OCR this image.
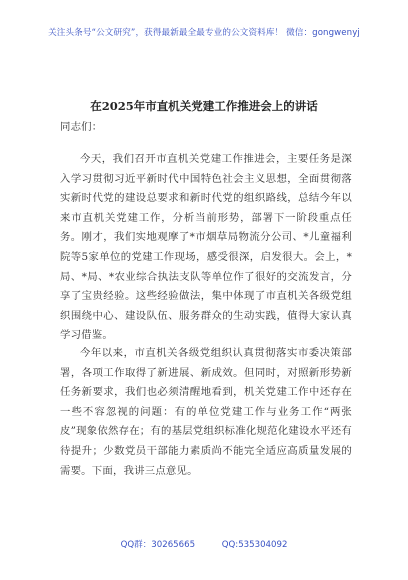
关注头条号“公文研究”，获得最新最全最专业的公文资料库！ 微信：gongwenyj
在2025年市直机关党建工作推进会上的讲话
同志们：
今天，我们召开市直机关党建工作推进会，主要任务是深入学习贯彻习近平新时代中国特色社会主义思想，全面贯彻落实新时代党的建设总要求和新时代党的组织路线，总结今年以来市直机关党建工作，分析当前形势，部署下一阶段重点任务。刚才，我们实地观摩了*市烟草局物流分公司、*儿童福利院等5家单位的党建工作现场，感受很深，启发很大。会上，*局、*局、*农业综合执法支队等单位作了很好的交流发言，分享了宝贵经验。这些经验做法，集中体现了市直机关各级党组织围绕中心、建设队伍、服务群众的生动实践，值得大家认真学习借鉴。
今年以来，市直机关各级党组织认真贯彻落实市委决策部署，各项工作取得了新进展、新成效。但同时，对照新形势新任务新要求，我们也必须清醒地看到，机关党建工作中还存在一些不容忽视的问题：有的单位党建工作与业务工作“两张皮”现象依然存在；有的基层党组织标准化规范化建设水平还有待提升；少数党员干部能力素质尚不能完全适应高质量发展的需要。下面，我讲三点意见。
QQ群：30265665	QQ:535304092
